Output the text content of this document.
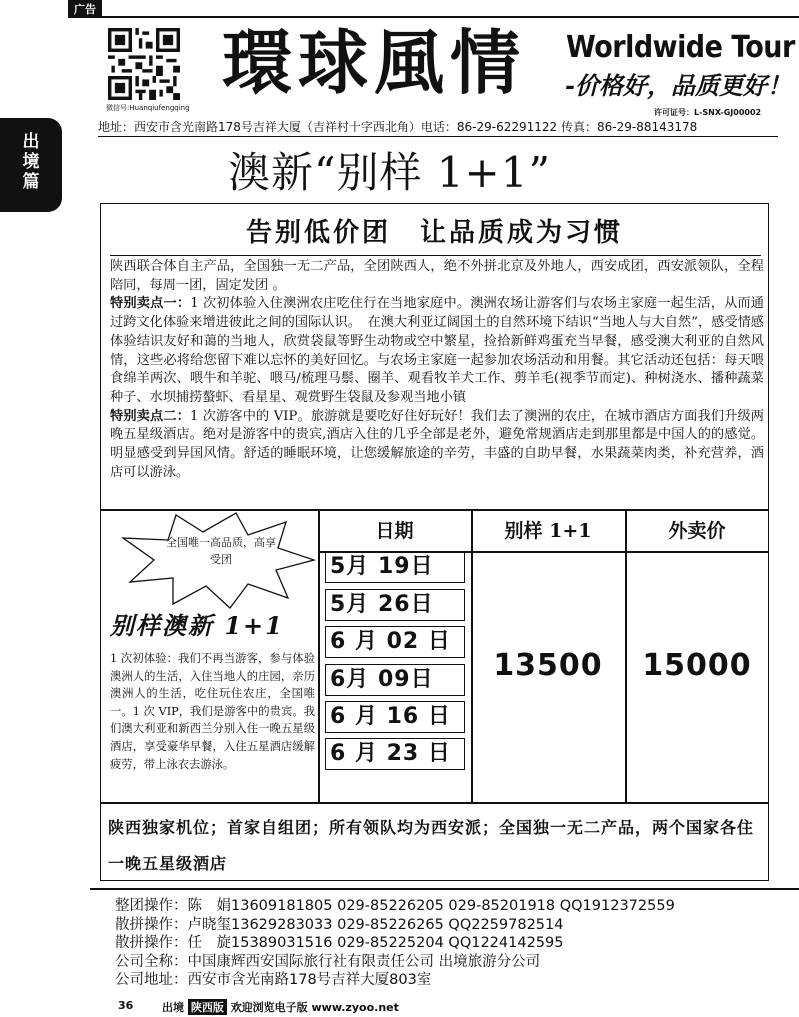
广告
出境篇
微信号:Huanqiufengqing
環球風情 Worldwide Tour
-价格好，品质更好！
许可证号：L-SNX-GJ00002
地址：西安市含光南路178号吉祥大厦（吉祥村十字西北角）电话：86-29-62291122 传真：86-29-88143178
澳新“别样 1+1”
告别低价团　让品质成为习惯
陕西联合体自主产品，全国独一无二产品，全团陕西人，绝不外拼北京及外地人，西安成团，西安派领队，全程陪同，每周一团，固定发团 。
特别卖点一：1 次初体验入住澳洲农庄吃住行在当地家庭中。澳洲农场让游客们与农场主家庭一起生活，从而通过跨文化体验来增进彼此之间的国际认识。　在澳大利亚辽阔国土的自然环境下结识“当地人与大自然”，感受情感体验结识友好和蔼的当地人，欣赏袋鼠等野生动物或空中繁星，捡拾新鲜鸡蛋充当早餐，感受澳大利亚的自然风情，这些必将给您留下难以忘怀的美好回忆。与农场主家庭一起参加农场活动和用餐。其它活动还包括：每天喂食绵羊两次、喂牛和羊驼、喂马/梳理马鬃、圈羊、观看牧羊犬工作、剪羊毛(视季节而定)、种树浇水、播种蔬菜种子、水坝捕捞螯虾、看星星、观赏野生袋鼠及参观当地小镇
特别卖点二：1 次游客中的 VIP。旅游就是要吃好住好玩好！我们去了澳洲的农庄，在城市酒店方面我们升级两晚五星级酒店。绝对是游客中的贵宾,酒店入住的几乎全部是老外，避免常规酒店走到那里都是中国人的的感觉。明显感受到异国风情。舒适的睡眠环境，让您缓解旅途的辛劳，丰盛的自助早餐，水果蔬菜肉类，补充营养，酒店可以游泳。
全国唯一高品质，高享受团
别样澳新 1+1
1 次初体验：我们不再当游客，参与体验澳洲人的生活，入住当地人的庄园，亲历澳洲人的生活，吃住玩住农庄，全国唯一。1 次 VIP，我们是游客中的贵宾。我们澳大利亚和新西兰分别入住一晚五星级酒店，享受豪华早餐，入住五星酒店缓解疲劳，带上泳衣去游泳。
日期	别样 1+1	外卖价
5月 19日
5月 26日
6 月 02 日
6月 09日
6 月 16 日
6 月 23 日
13500	15000
陕西独家机位；首家自组团；所有领队均为西安派；全国独一无二产品，两个国家各住一晚五星级酒店
整团操作：陈　娟13609181805 029-85226205 029-85201918 QQ1912372559
散拼操作：卢晓玺13629283033 029-85226265 QQ2259782514
散拼操作：任　旋15389031516 029-85225204 QQ1224142595
公司全称：中国康辉西安国际旅行社有限责任公司 出境旅游分公司
公司地址：西安市含光南路178号吉祥大厦803室
36	出境 陕西版 欢迎浏览电子版 www.zyoo.net
